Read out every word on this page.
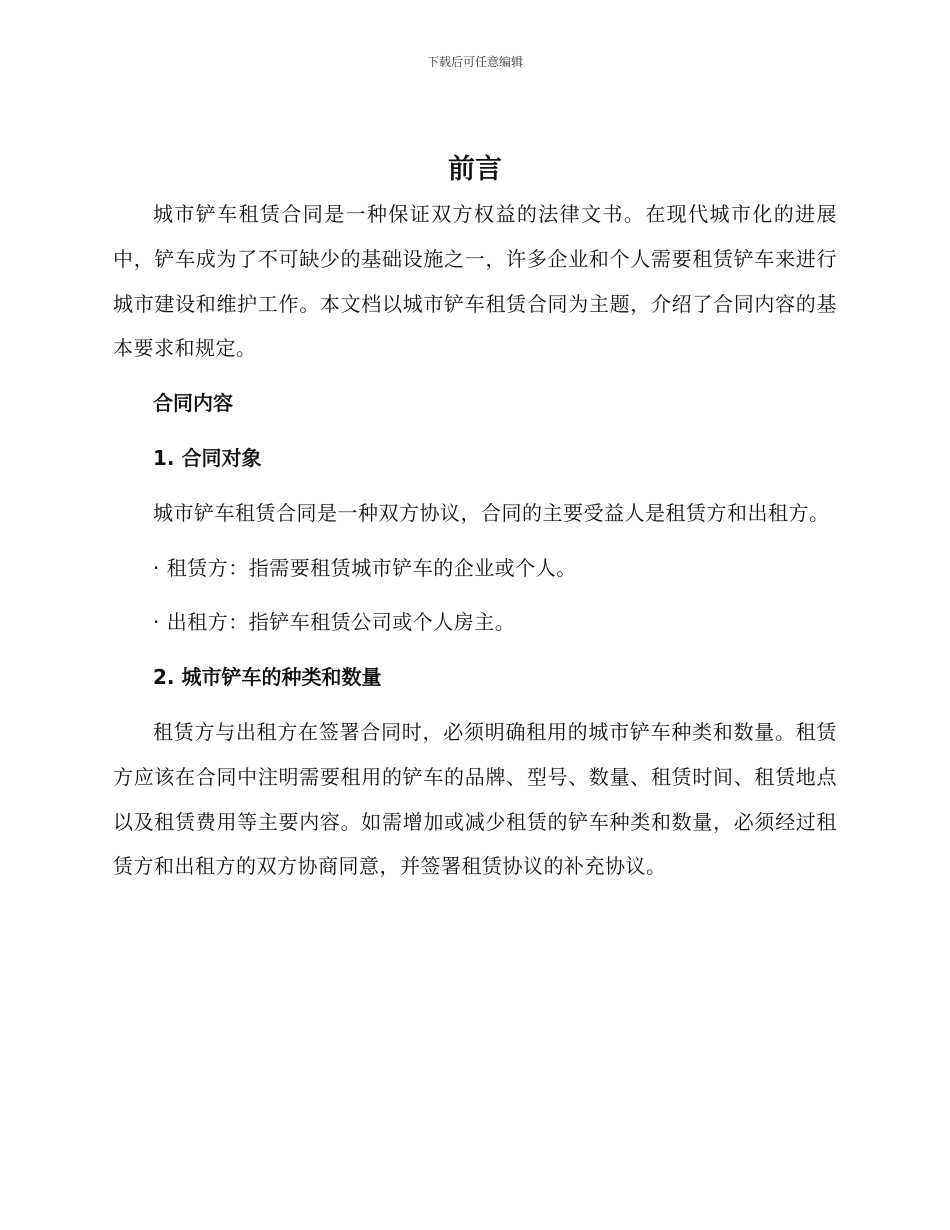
下载后可任意编辑
前言

城市铲车租赁合同是一种保证双方权益的法律文书。在现代城市化的进展中，铲车成为了不可缺少的基础设施之一，许多企业和个人需要租赁铲车来进行城市建设和维护工作。本文档以城市铲车租赁合同为主题，介绍了合同内容的基本要求和规定。

合同内容

1. 合同对象

城市铲车租赁合同是一种双方协议，合同的主要受益人是租赁方和出租方。

· 租赁方：指需要租赁城市铲车的企业或个人。

· 出租方：指铲车租赁公司或个人房主。

2. 城市铲车的种类和数量

租赁方与出租方在签署合同时，必须明确租用的城市铲车种类和数量。租赁方应该在合同中注明需要租用的铲车的品牌、型号、数量、租赁时间、租赁地点以及租赁费用等主要内容。如需增加或减少租赁的铲车种类和数量，必须经过租赁方和出租方的双方协商同意，并签署租赁协议的补充协议。
